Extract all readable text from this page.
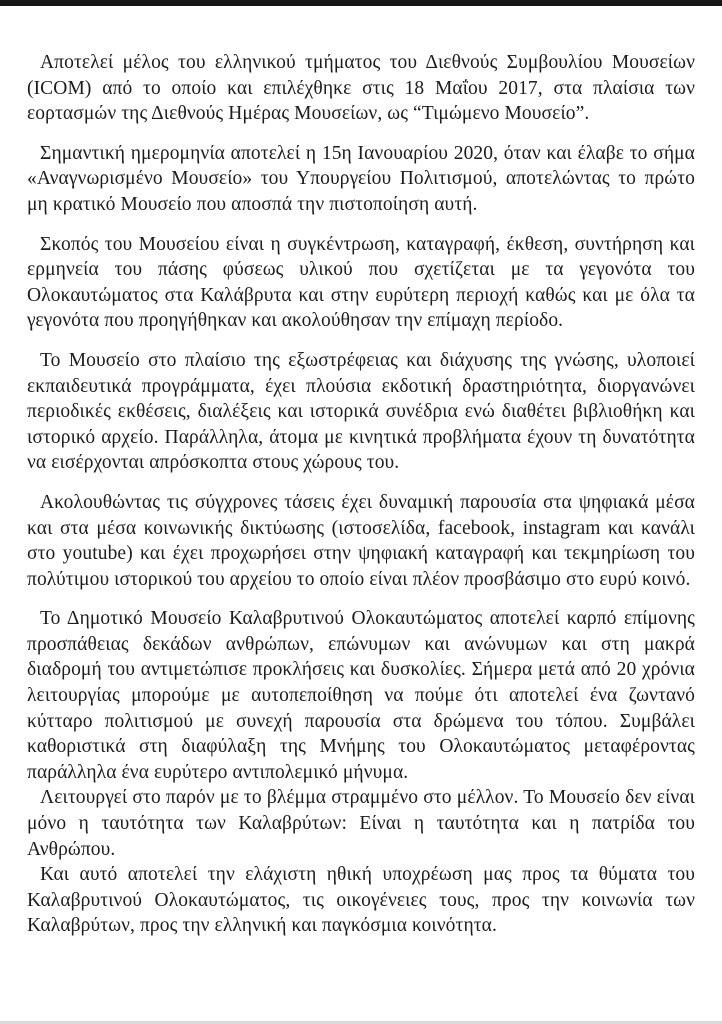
Αποτελεί μέλος του ελληνικού τμήματος του Διεθνούς Συμβουλίου Μουσείων (ICOM) από το οποίο και επιλέχθηκε στις 18 Μαΐου 2017, στα πλαίσια των εορτασμών της Διεθνούς Ημέρας Μουσείων, ως “Τιμώμενο Μουσείο”.

Σημαντική ημερομηνία αποτελεί η 15η Ιανουαρίου 2020, όταν και έλαβε το σήμα «Αναγνωρισμένο Μουσείο» του Υπουργείου Πολιτισμού, αποτελώντας το πρώτο μη κρατικό Μουσείο που αποσπά την πιστοποίηση αυτή.

Σκοπός του Μουσείου είναι η συγκέντρωση, καταγραφή, έκθεση, συντήρηση και ερμηνεία του πάσης φύσεως υλικού που σχετίζεται με τα γεγονότα του Ολοκαυτώματος στα Καλάβρυτα και στην ευρύτερη περιοχή καθώς και με όλα τα γεγονότα που προηγήθηκαν και ακολούθησαν την επίμαχη περίοδο.

Το Μουσείο στο πλαίσιο της εξωστρέφειας και διάχυσης της γνώσης, υλοποιεί εκπαιδευτικά προγράμματα, έχει πλούσια εκδοτική δραστηριότητα, διοργανώνει περιοδικές εκθέσεις, διαλέξεις και ιστορικά συνέδρια ενώ διαθέτει βιβλιοθήκη και ιστορικό αρχείο. Παράλληλα, άτομα με κινητικά προβλήματα έχουν τη δυνατότητα να εισέρχονται απρόσκοπτα στους χώρους του.

Ακολουθώντας τις σύγχρονες τάσεις έχει δυναμική παρουσία στα ψηφιακά μέσα και στα μέσα κοινωνικής δικτύωσης (ιστοσελίδα, facebook, instagram και κανάλι στο youtube) και έχει προχωρήσει στην ψηφιακή καταγραφή και τεκμηρίωση του πολύτιμου ιστορικού του αρχείου το οποίο είναι πλέον προσβάσιμο στο ευρύ κοινό.

Το Δημοτικό Μουσείο Καλαβρυτινού Ολοκαυτώματος αποτελεί καρπό επίμονης προσπάθειας δεκάδων ανθρώπων, επώνυμων και ανώνυμων και στη μακρά διαδρομή του αντιμετώπισε προκλήσεις και δυσκολίες. Σήμερα μετά από 20 χρόνια λειτουργίας μπορούμε με αυτοπεποίθηση να πούμε ότι αποτελεί ένα ζωντανό κύτταρο πολιτισμού με συνεχή παρουσία στα δρώμενα του τόπου. Συμβάλει καθοριστικά στη διαφύλαξη της Μνήμης του Ολοκαυτώματος μεταφέροντας παράλληλα ένα ευρύτερο αντιπολεμικό μήνυμα.

Λειτουργεί στο παρόν με το βλέμμα στραμμένο στο μέλλον. Το Μουσείο δεν είναι μόνο η ταυτότητα των Καλαβρύτων: Είναι η ταυτότητα και η πατρίδα του Ανθρώπου.

Και αυτό αποτελεί την ελάχιστη ηθική υποχρέωση μας προς τα θύματα του Καλαβρυτινού Ολοκαυτώματος, τις οικογένειες τους, προς την κοινωνία των Καλαβρύτων, προς την ελληνική και παγκόσμια κοινότητα.
